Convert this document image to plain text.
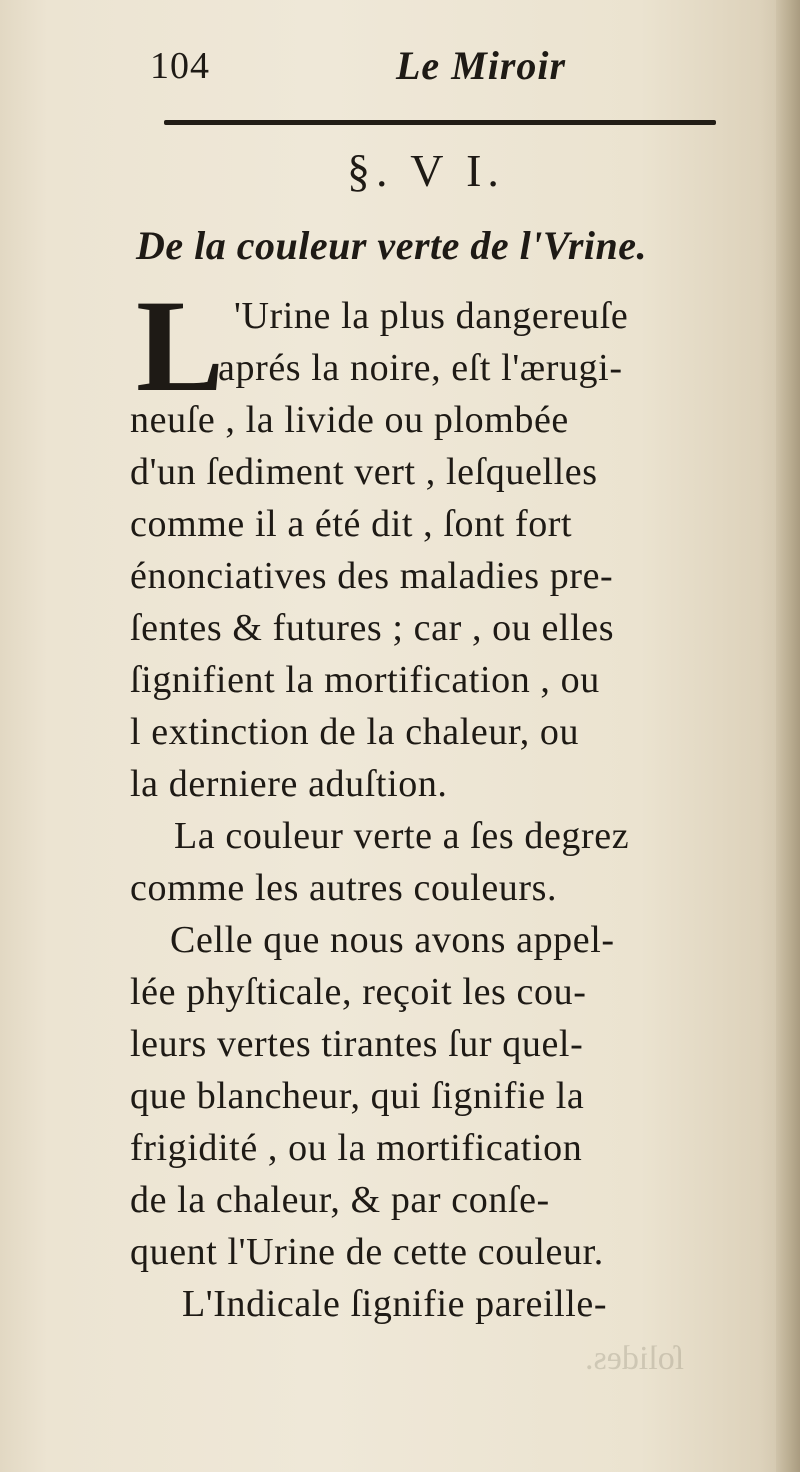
104	Le Miroir
§. V I.
De la couleur verte de l'Vrine.
L 'Urine la plus dangereuſe
aprés la noire, eſt l'ærugi-
neuſe , la livide ou plombée
d'un ſediment vert , leſquelles
comme il a été dit , ſont fort
énonciatives des maladies pre-
ſentes & futures ; car , ou elles
ſignifient la mortification , ou
l extinction de la chaleur, ou
la derniere aduſtion.
La couleur verte a ſes degrez
comme les autres couleurs.
Celle que nous avons appel-
lée phyſticale, reçoit les cou-
leurs vertes tirantes ſur quel-
que blancheur, qui ſignifie la
frigidité , ou la mortification
de la chaleur, & par conſe-
quent l'Urine de cette couleur.
L'Indicale ſignifie pareille-
ſolides.
